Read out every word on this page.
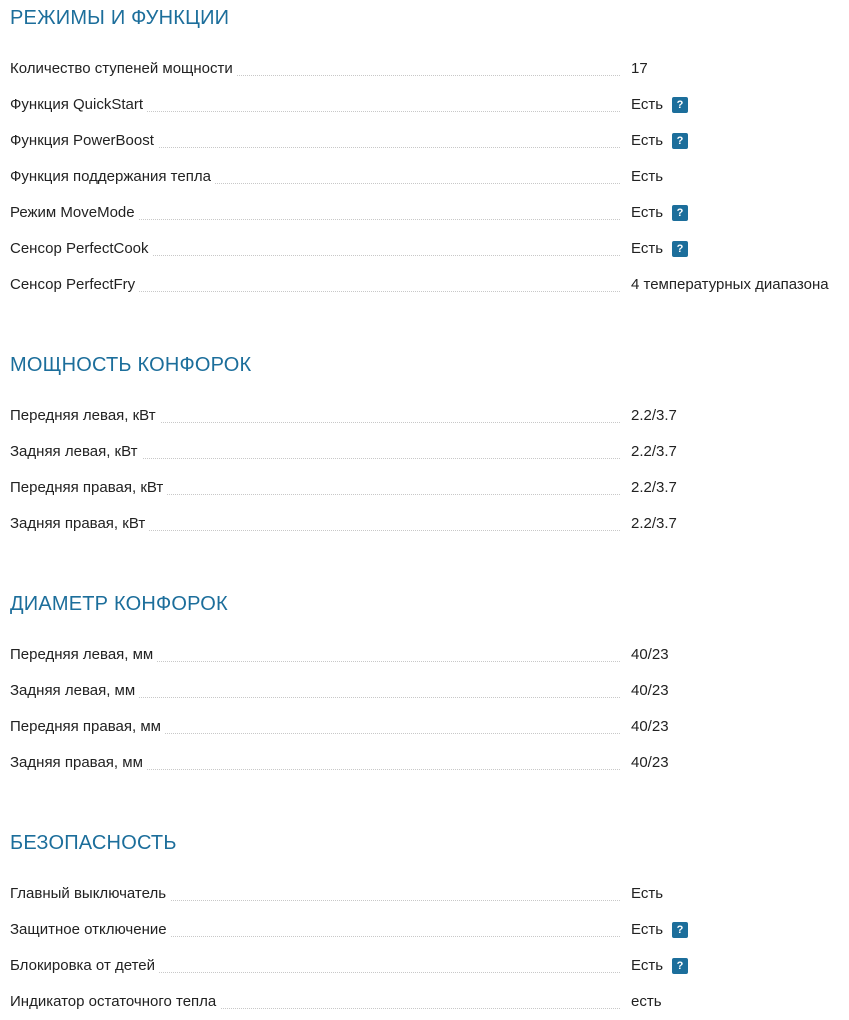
РЕЖИМЫ И ФУНКЦИИ
Количество ступеней мощности	17
Функция QuickStart	Есть	?
Функция PowerBoost	Есть	?
Функция поддержания тепла	Есть
Режим MoveMode	Есть	?
Сенсор PerfectCook	Есть	?
Сенсор PerfectFry	4 температурных диапазона
МОЩНОСТЬ КОНФОРОК
Передняя левая, кВт	2.2/3.7
Задняя левая, кВт	2.2/3.7
Передняя правая, кВт	2.2/3.7
Задняя правая, кВт	2.2/3.7
ДИАМЕТР КОНФОРОК
Передняя левая, мм	40/23
Задняя левая, мм	40/23
Передняя правая, мм	40/23
Задняя правая, мм	40/23
БЕЗОПАСНОСТЬ
Главный выключатель	Есть
Защитное отключение	Есть	?
Блокировка от детей	Есть	?
Индикатор остаточного тепла	есть
